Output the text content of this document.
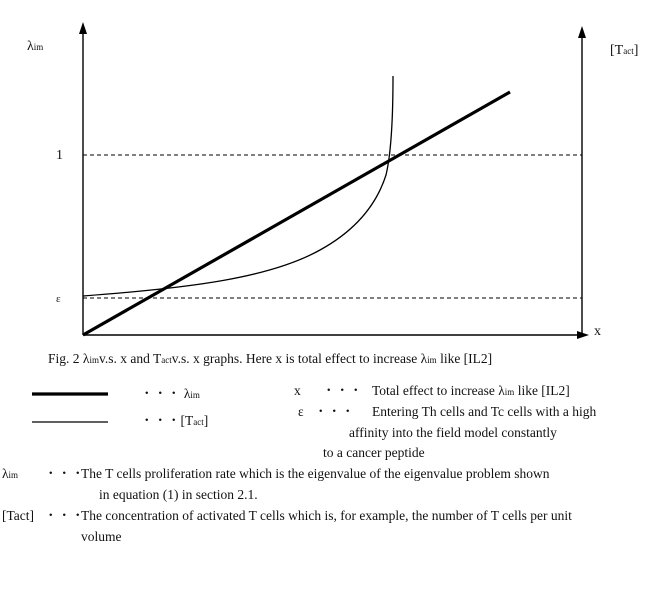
λim	[Tact]
x
1
ε
Fig. 2 λimv.s. x and Tactv.s. x graphs. Here x is total effect to increase λim like [IL2]
・・・ λim
・・・[Tact]
x ・・・ Total effect to increase λim like [IL2]
ε ・・・ Entering Th cells and Tc cells with a high
affinity into the field model constantly
to a cancer peptide
λim ・・・
The T cells proliferation rate which is the eigenvalue of the eigenvalue problem shown
in equation (1) in section 2.1.
[Tact] ・・・
The concentration of activated T cells which is, for example, the number of T cells per unit
volume
